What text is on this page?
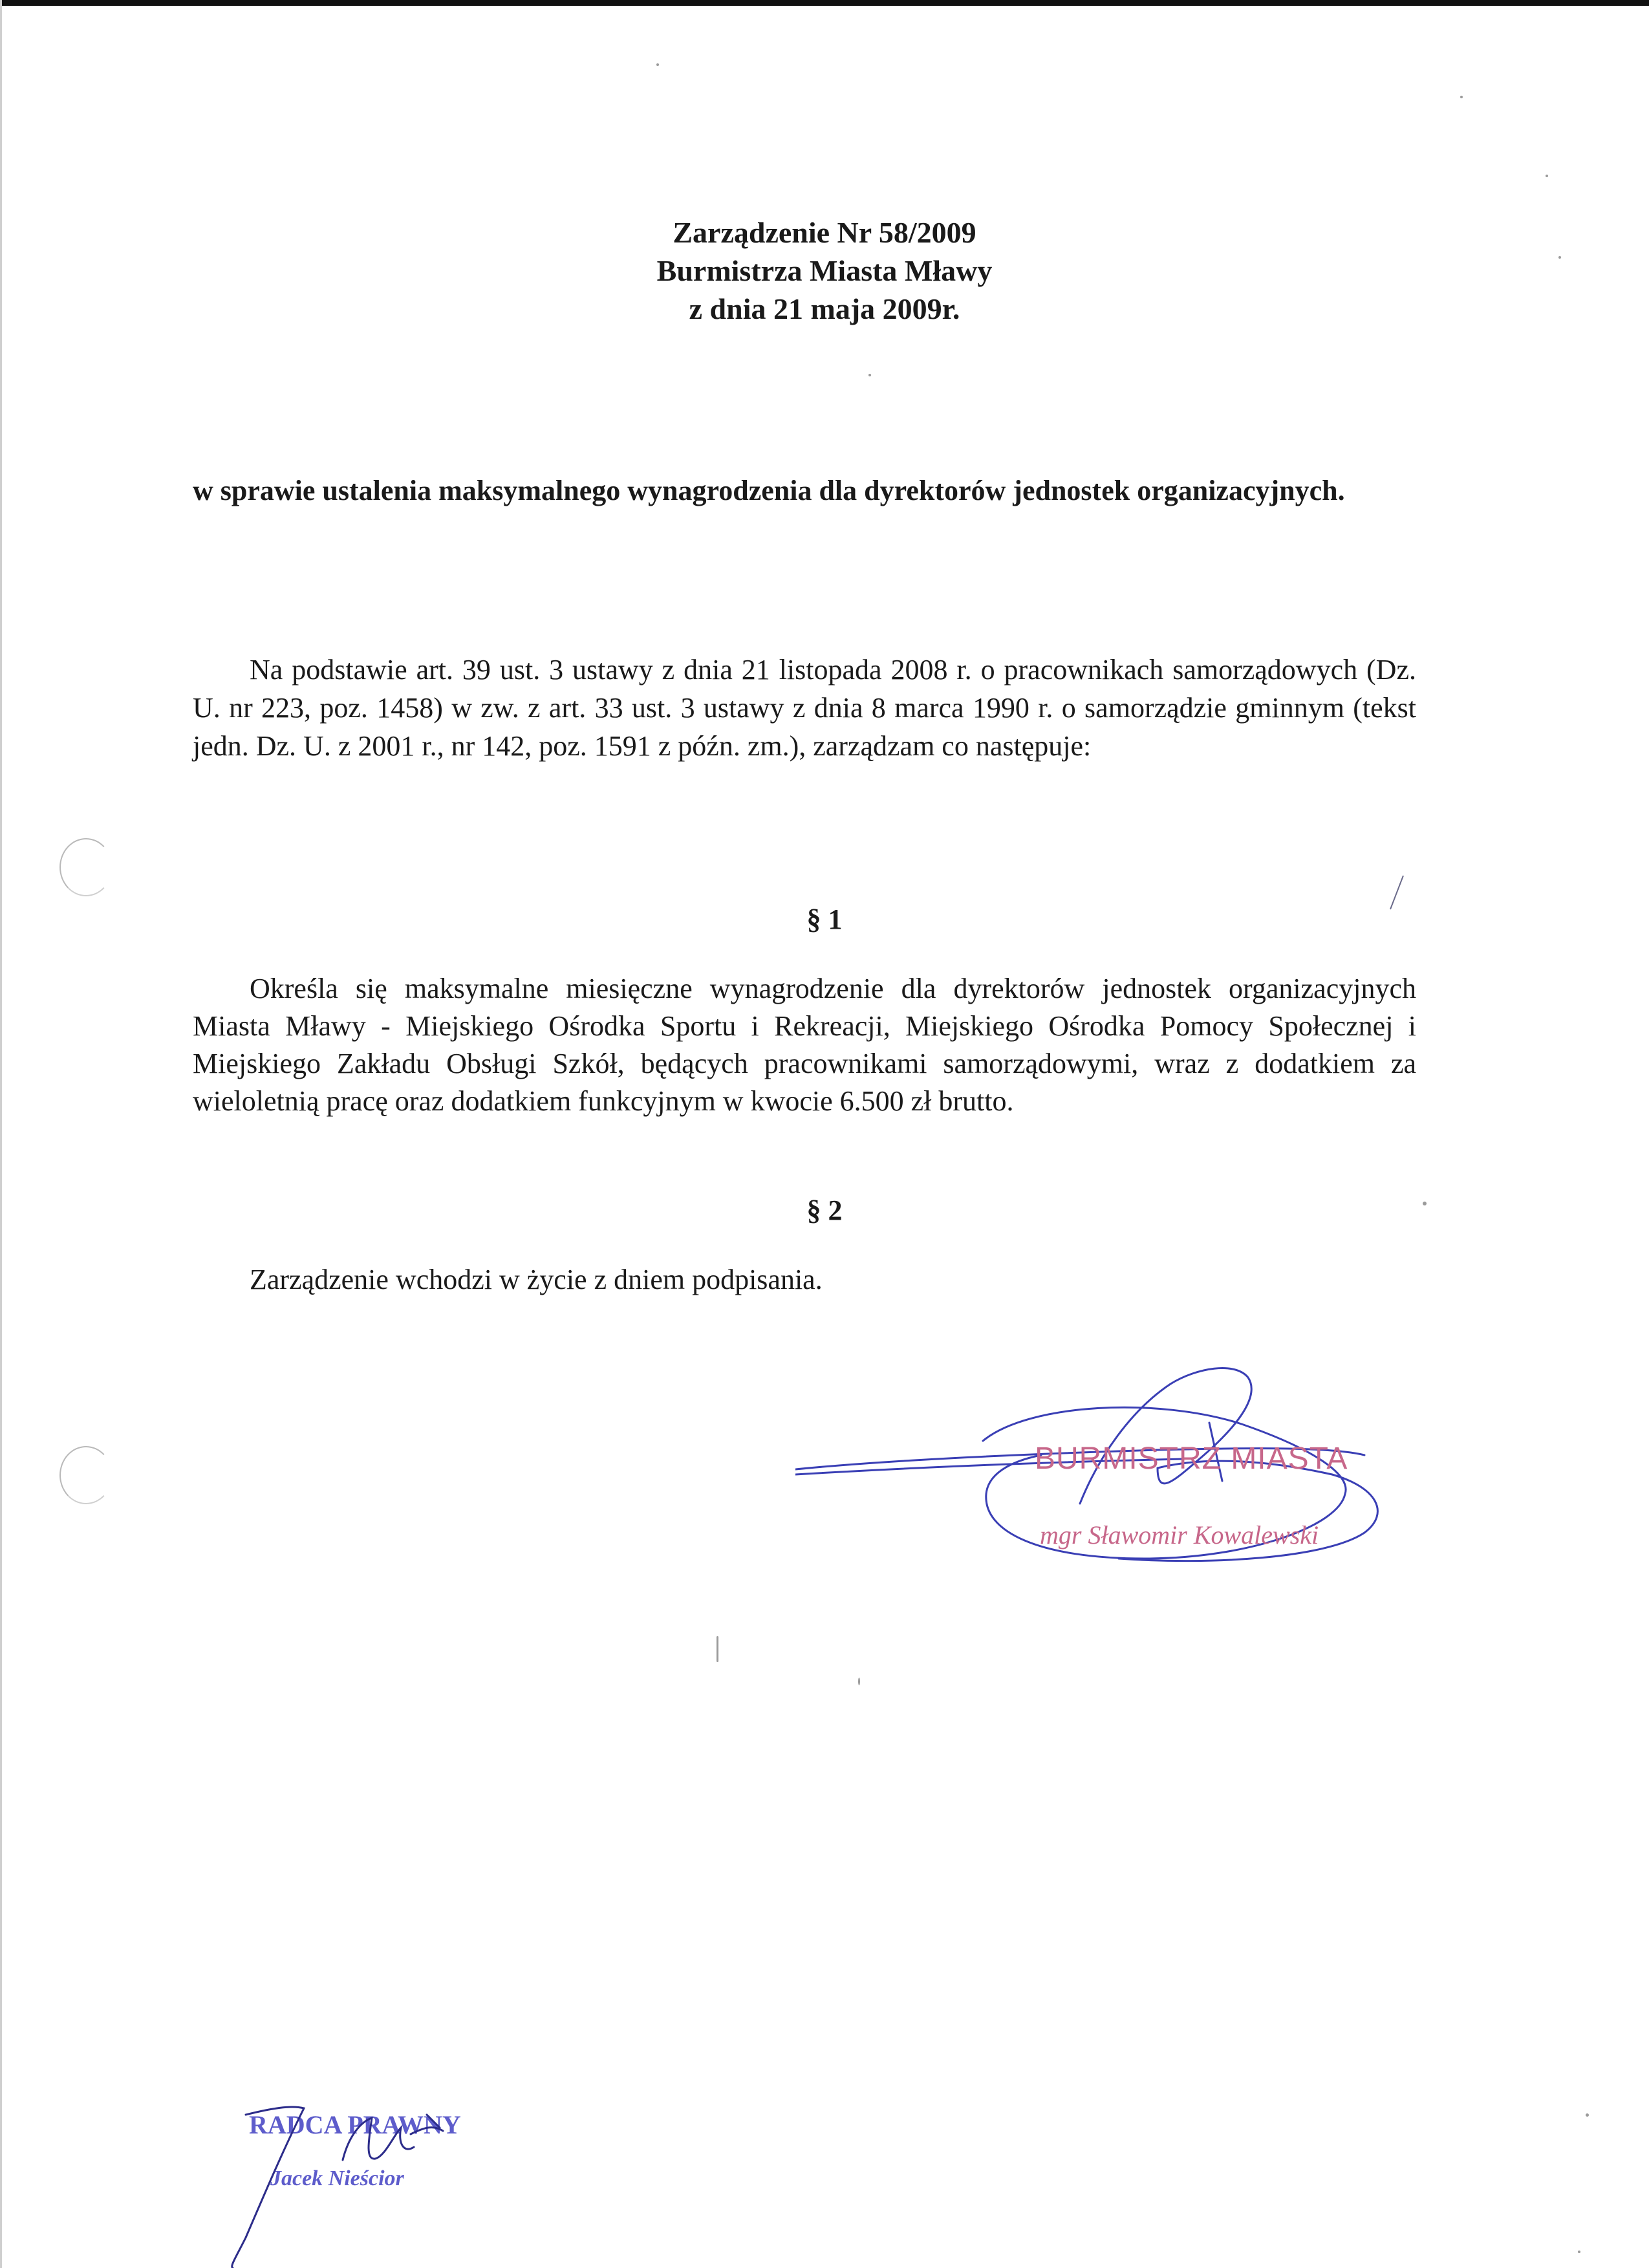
Zarządzenie Nr 58/2009
Burmistrza Miasta Mławy
z dnia 21 maja 2009r.
w sprawie ustalenia maksymalnego wynagrodzenia dla dyrektorów jednostek organizacyjnych.
Na podstawie art. 39 ust. 3 ustawy z dnia 21 listopada 2008 r. o pracownikach samorządowych (Dz. U. nr 223, poz. 1458) w zw. z art. 33 ust. 3 ustawy z dnia 8 marca 1990 r. o samorządzie gminnym (tekst jedn. Dz. U. z 2001 r., nr 142, poz. 1591 z późn. zm.), zarządzam co następuje:
§ 1
Określa się maksymalne miesięczne wynagrodzenie dla dyrektorów jednostek organizacyjnych Miasta Mławy - Miejskiego Ośrodka Sportu i Rekreacji, Miejskiego Ośrodka Pomocy Społecznej i Miejskiego Zakładu Obsługi Szkół, będących pracownikami samorządowymi, wraz z dodatkiem za wieloletnią pracę oraz dodatkiem funkcyjnym w kwocie 6.500 zł brutto.
§ 2
Zarządzenie wchodzi w życie z dniem podpisania.
BURMISTRZ MIASTA
mgr Sławomir Kowalewski
RADCA PRAWNY
Jacek Nieścior
